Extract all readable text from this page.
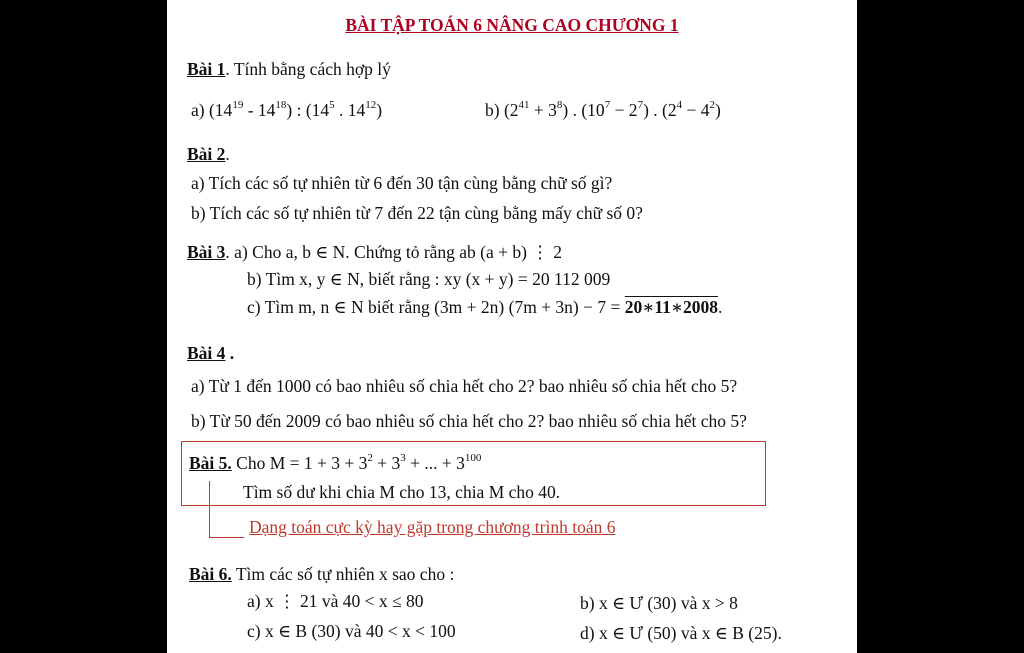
BÀI TẬP TOÁN 6 NÂNG CAO CHƯƠNG 1
Bài 1. Tính bằng cách hợp lý
a) $(14^{19} - 14^{18})$ : ($14^5$ . $14^{12}$)	b) $(2^{41} + 3^8)$ . $(10^7 - 2^7)$ . $(2^4 - 4^2)$
Bài 2.
a) Tích các số tự nhiên từ 6 đến 30 tận cùng bằng chữ số gì?
b) Tích các số tự nhiên từ 7 đến 22 tận cùng bằng mấy chữ số 0?
Bài 3. a) Cho a, b ∈ N. Chứng tỏ rằng ab (a + b) ⋮ 2
b) Tìm x, y ∈ N, biết rằng : xy (x + y) = 20 112 009
c) Tìm m, n ∈ N biết rằng (3m + 2n) (7m + 3n) − 7 = 20∗11∗2008.
Bài 4 .
a) Từ 1 đến 1000 có bao nhiêu số chia hết cho 2? bao nhiêu số chia hết cho 5?
b) Từ 50 đến 2009 có bao nhiêu số chia hết cho 2? bao nhiêu số chia hết cho 5?
Bài 5. Cho $M = 1 + 3 + 3^2 + 3^3$ + ... + $3^{100}$
Tìm số dư khi chia M cho 13, chia M cho 40.
Dạng toán cực kỳ hay gặp trong chương trình toán 6
Bài 6. Tìm các số tự nhiên x sao cho :
a) x ⋮ 21 và 40 < x ≤ 80	b) x ∈ Ư (30) và x > 8
c) x ∈ B (30) và 40 < x < 100	d) x ∈ Ư (50) và x ∈ B (25).
